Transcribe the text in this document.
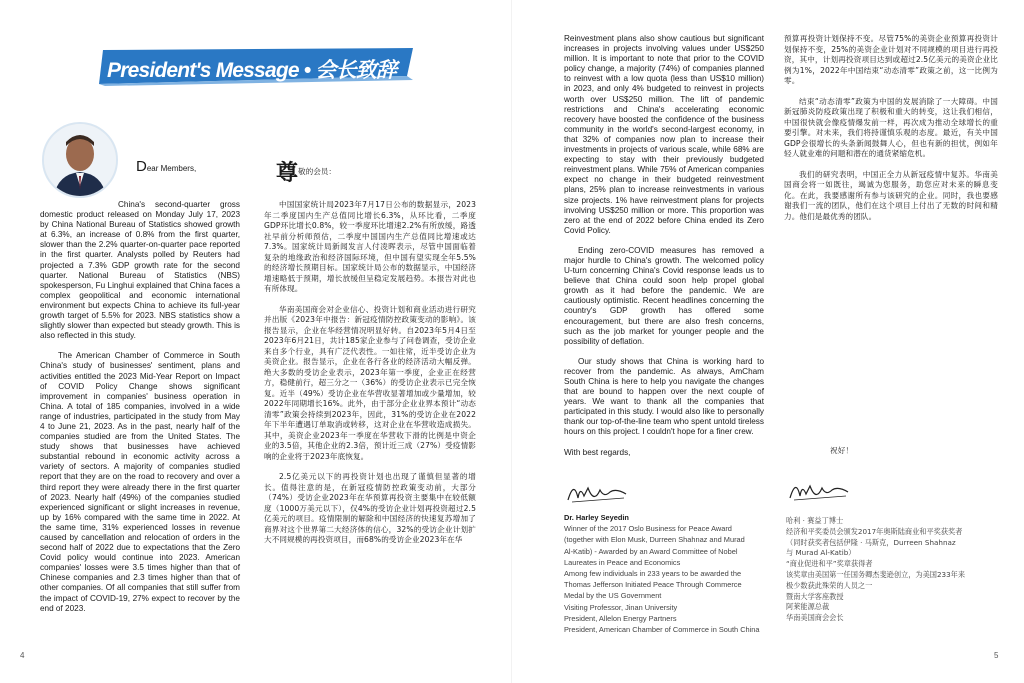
President's Message • 会长致辞
Dear Members,

China's second-quarter gross domestic product released on Monday July 17, 2023 by China National Bureau of Statistics showed growth at 6.3%, an increase of 0.8% from the first quarter, slower than the 2.2% quarter-on-quarter pace reported in the first quarter. Analysts polled by Reuters had projected a 7.3% GDP growth rate for the second quarter. National Bureau of Statistics (NBS) spokesperson, Fu Linghui explained that China faces a complex geopolitical and economic international environment but expects China to achieve its full-year growth target of 5.5% for 2023. NBS statistics show a slightly slower than expected but steady growth. This is also reflected in this study.

The American Chamber of Commerce in South China's study of businesses' sentiment, plans and activities entitled the 2023 Mid-Year Report on Impact of COVID Policy Change shows significant improvement in companies' business operation in China. A total of 185 companies, involved in a wide range of industries, participated in the study from May 4 to June 21, 2023. As in the past, nearly half of the companies studied are from the United States. The study shows that businesses have achieved substantial rebound in economic activity across a variety of sectors. A majority of companies studied report that they are on the road to recovery and over a third report they were already there in the first quarter of 2023. Nearly half (49%) of the companies studied experienced significant or slight increases in revenue, up by 16% compared with the same time in 2022. At the same time, 31% experienced losses in revenue caused by cancellation and relocation of orders in the second half of 2022 due to expectations that the Zero Covid policy would continue into 2023. American companies' losses were 3.5 times higher than that of Chinese companies and 2.3 times higher than that of other companies. Of all companies that still suffer from the impact of COVID-19, 27% expect to recover by the end of 2023.

尊$^{敬的会员:}$

中国国家统计局2023年7月17日公布的数据显示，2023年二季度国内生产总值同比增长6.3%，从环比看，二季度GDP环比增长0.8%，较一季度环比增速2.2%有所放缓，路透社早前分析师预估，二季度中国国内生产总值同比增速或达7.3%。国家统计局新闻发言人付凌晖表示，尽管中国面临着复杂的地缘政治和经济国际环境，但中国有望实现全年5.5%的经济增长预期目标。国家统计局公布的数据显示，中国经济增速略低于预期，增长放缓但呈稳定发展趋势。本报告对此也有所体现。

华南美国商会对企业信心、投资计划和商业活动进行研究并出版《2023年中报告：新冠疫情防控政策变动的影响》。该报告显示，企业在华经营情况明显好转。自2023年5月4日至2023年6月21日，共计185家企业参与了问卷调查，受访企业来自多个行业，具有广泛代表性。一如往常，近半受访企业为美资企业。报告显示，企业在各行各业的经济活动大幅反弹。绝大多数的受访企业表示，2023年第一季度，企业正在经营方，稳健前行，超三分之一（36%）的受访企业表示已完全恢复。近半（49%）受访企业在华营收显著增加或少量增加，较2022年同期增长16%。此外，由于部分企业业界本预计“动态清零”政策会持续到2023年，因此，31%的受访企业在2022年下半年遭遇订单取消或转移，这对企业在华营收造成损失。其中，美资企业2023年一季度在华营收下滑的比例是中资企业的3.5倍，其他企业的2.3倍，预计近三成（27%）受疫情影响的企业将于2023年底恢复。

2.5亿美元以下的再投资计划也出现了谨慎但显著的增长。值得注意的是，在新冠疫情防控政策变动前，大部分（74%）受访企业2023年在华预算再投资主要集中在较低额度（1000万美元以下），仅4%的受访企业计划再投资超过2.5亿美元的项目。疫情限制的解除和中国经济的快速复苏增加了商界对这个世界第二大经济体的信心，32%的受访企业计划扩大不同规模的再投资项目，而68%的受访企业2023年在华

4

Reinvestment plans also show cautious but significant increases in projects involving values under US$250 million. It is important to note that prior to the COVID policy change, a majority (74%) of companies planned to reinvest with a low quota (less than US$10 million) in 2023, and only 4% budgeted to reinvest in projects worth over US$250 million. The lift of pandemic restrictions and China's accelerating economic recovery have boosted the confidence of the business community in the world's second-largest economy, in that 32% of companies now plan to increase their investments in projects of various scale, while 68% are expecting to stay with their previously budgeted reinvestment plans. While 75% of American companies expect no change in their budgeted reinvestment plans, 25% plan to increase reinvestments in various size projects. 1% have reinvestment plans for projects involving US$250 million or more. This proportion was zero at the end of 2022 before China ended its Zero Covid Policy.

Ending zero-COVID measures has removed a major hurdle to China's growth. The welcomed policy U-turn concerning China's Covid response leads us to believe that China could soon help propel global growth as it had before the pandemic. We are cautiously optimistic. Recent headlines concerning the country's GDP growth has offered some encouragement, but there are also fresh concerns, such as the job market for younger people and the possibility of deflation.

Our study shows that China is working hard to recover from the pandemic. As always, AmCham South China is here to help you navigate the changes that are bound to happen over the next couple of years. We want to thank all the companies that participated in this study. I would also like to personally thank our top-of-the-line team who spent untold tireless hours on this project. I couldn't hope for a finer crew.

With best regards,

Dr. Harley Seyedin
Winner of the 2017 Oslo Business for Peace Award
(together with Elon Musk, Durreen Shahnaz and Murad
Al-Katib) - Awarded by an Award Committee of Nobel
Laureates in Peace and Economics
Among few individuals in 233 years to be awarded the
Thomas Jefferson Initiated Peace Through Commerce
Medal by the US Government
Visiting Professor, Jinan University
President, Allelon Energy Partners
President, American Chamber of Commerce in South China

预算再投资计划保持不变。尽管75%的美资企业预算再投资计划保持不变，25%的美资企业计划对不同规模的项目进行再投资，其中，计划再投资项目达到或超过2.5亿美元的美资企业比例为1%，2022年中国结束“动态清零”政策之前，这一比例为零。

结束“动态清零”政策为中国的发展消除了一大障碍。中国新冠肺炎防疫政策出现了积极和重大的转变，这让我们相信，中国很快就会像疫情爆发前一样，再次成为推动全球增长的重要引擎。对未来，我们将持谨慎乐观的态度。最近，有关中国GDP会很增长的头条新闻鼓舞人心，但也有新的担忧，例如年轻人就业难的问题和潜在的通货紧缩危机。

我们的研究表明，中国正全力从新冠疫情中复苏。华南美国商会将一如既往，竭诚为您服务，助您应对未来的瞬息变化。在此，我要感谢所有参与该研究的企业。同时，我也要感谢我们一流的团队，他们在这个项目上付出了无数的时间和精力。他们是最优秀的团队。

祝好！
哈利 · 赛益丁博士
经济和平奖委员会颁发2017年奥斯陆商业和平奖获奖者
（同时获奖者包括伊隆 · 马斯克，Durreen Shahnaz
与 Murad Al-Katib）
“商业促进和平”奖章获得者
该奖章由美国第一任国务卿杰斐逊创立，为美国233年来
极少数获此殊荣的人员之一
暨南大学客座教授
阿莱能源总裁
华南美国商会会长
5
